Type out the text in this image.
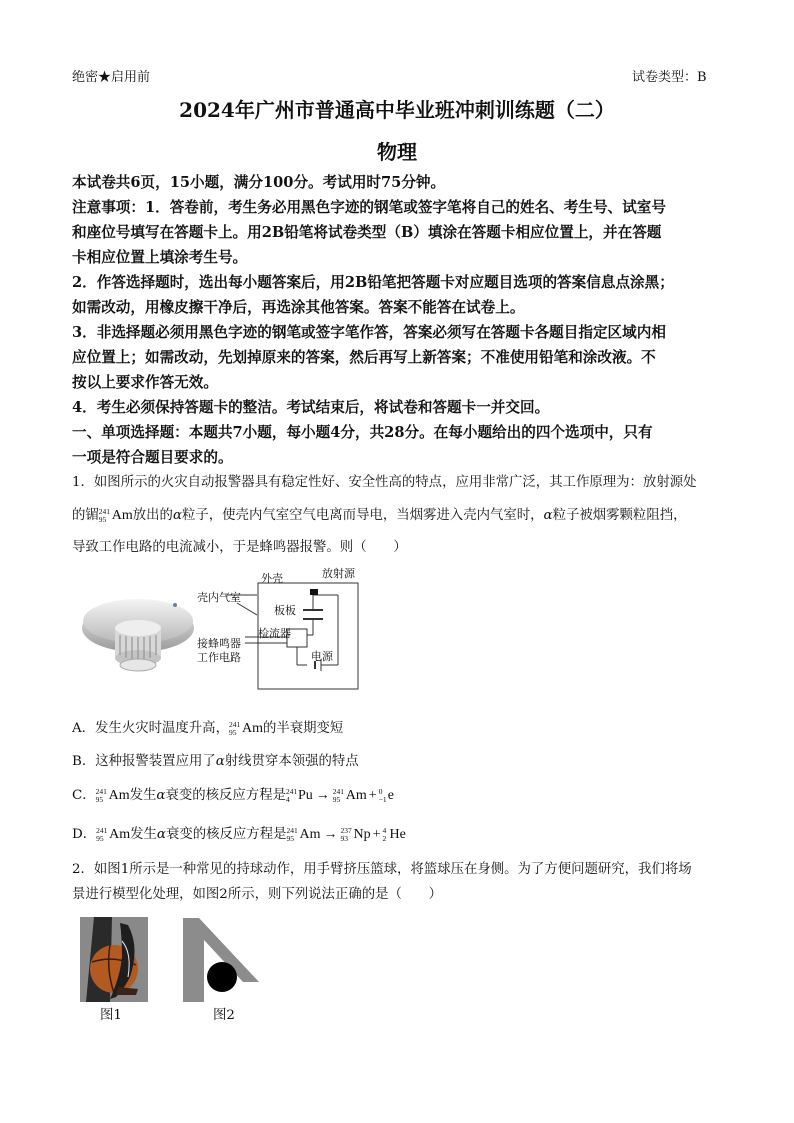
绝密★启用前	试卷类型：B
2024年广州市普通高中毕业班冲刺训练题（二）
物理
本试卷共6页，15小题，满分100分。考试用时75分钟。
注意事项：1．答卷前，考生务必用黑色字迹的钢笔或签字笔将自己的姓名、考生号、试室号
和座位号填写在答题卡上。用2B铅笔将试卷类型（B）填涂在答题卡相应位置上，并在答题
卡相应位置上填涂考生号。
2．作答选择题时，选出每小题答案后，用2B铅笔把答题卡对应题目选项的答案信息点涂黑；
如需改动，用橡皮擦干净后，再选涂其他答案。答案不能答在试卷上。
3．非选择题必须用黑色字迹的钢笔或签字笔作答，答案必须写在答题卡各题目指定区域内相
应位置上；如需改动，先划掉原来的答案，然后再写上新答案；不准使用铅笔和涂改液。不
按以上要求作答无效。
4．考生必须保持答题卡的整洁。考试结束后，将试卷和答题卡一并交回。
一、单项选择题：本题共7小题，每小题4分，共28分。在每小题给出的四个选项中，只有
一项是符合题目要求的。
1．如图所示的火灾自动报警器具有稳定性好、安全性高的特点，应用非常广泛，其工作原理为：放射源处
的镅 241
95 Am放出的α粒子，使壳内气室空气电离而导电，当烟雾进入壳内气室时，α粒子被烟雾颗粒阻挡，
导致工作电路的电流减小，于是蜂鸣器报警。则（　　）
外壳
壳内气室
放射源
板板
检流器
接蜂鸣器
工作电路	电源
A．发生火灾时温度升高， 241
95 Am的半衰期变短
B．这种报警装置应用了α射线贯穿本领强的特点
C． 241
95 Am发生α衰变的核反应方程是 241
4 Pu → 241
95 Am + 0
−1 e
D． 241
95 Am发生α衰变的核反应方程是 241
95 Am → 237
93 Np + 4
2 He
2．如图1所示是一种常见的持球动作，用手臂挤压篮球，将篮球压在身侧。为了方便问题研究，我们将场
景进行模型化处理，如图2所示，则下列说法正确的是（　　）
图1	图2
